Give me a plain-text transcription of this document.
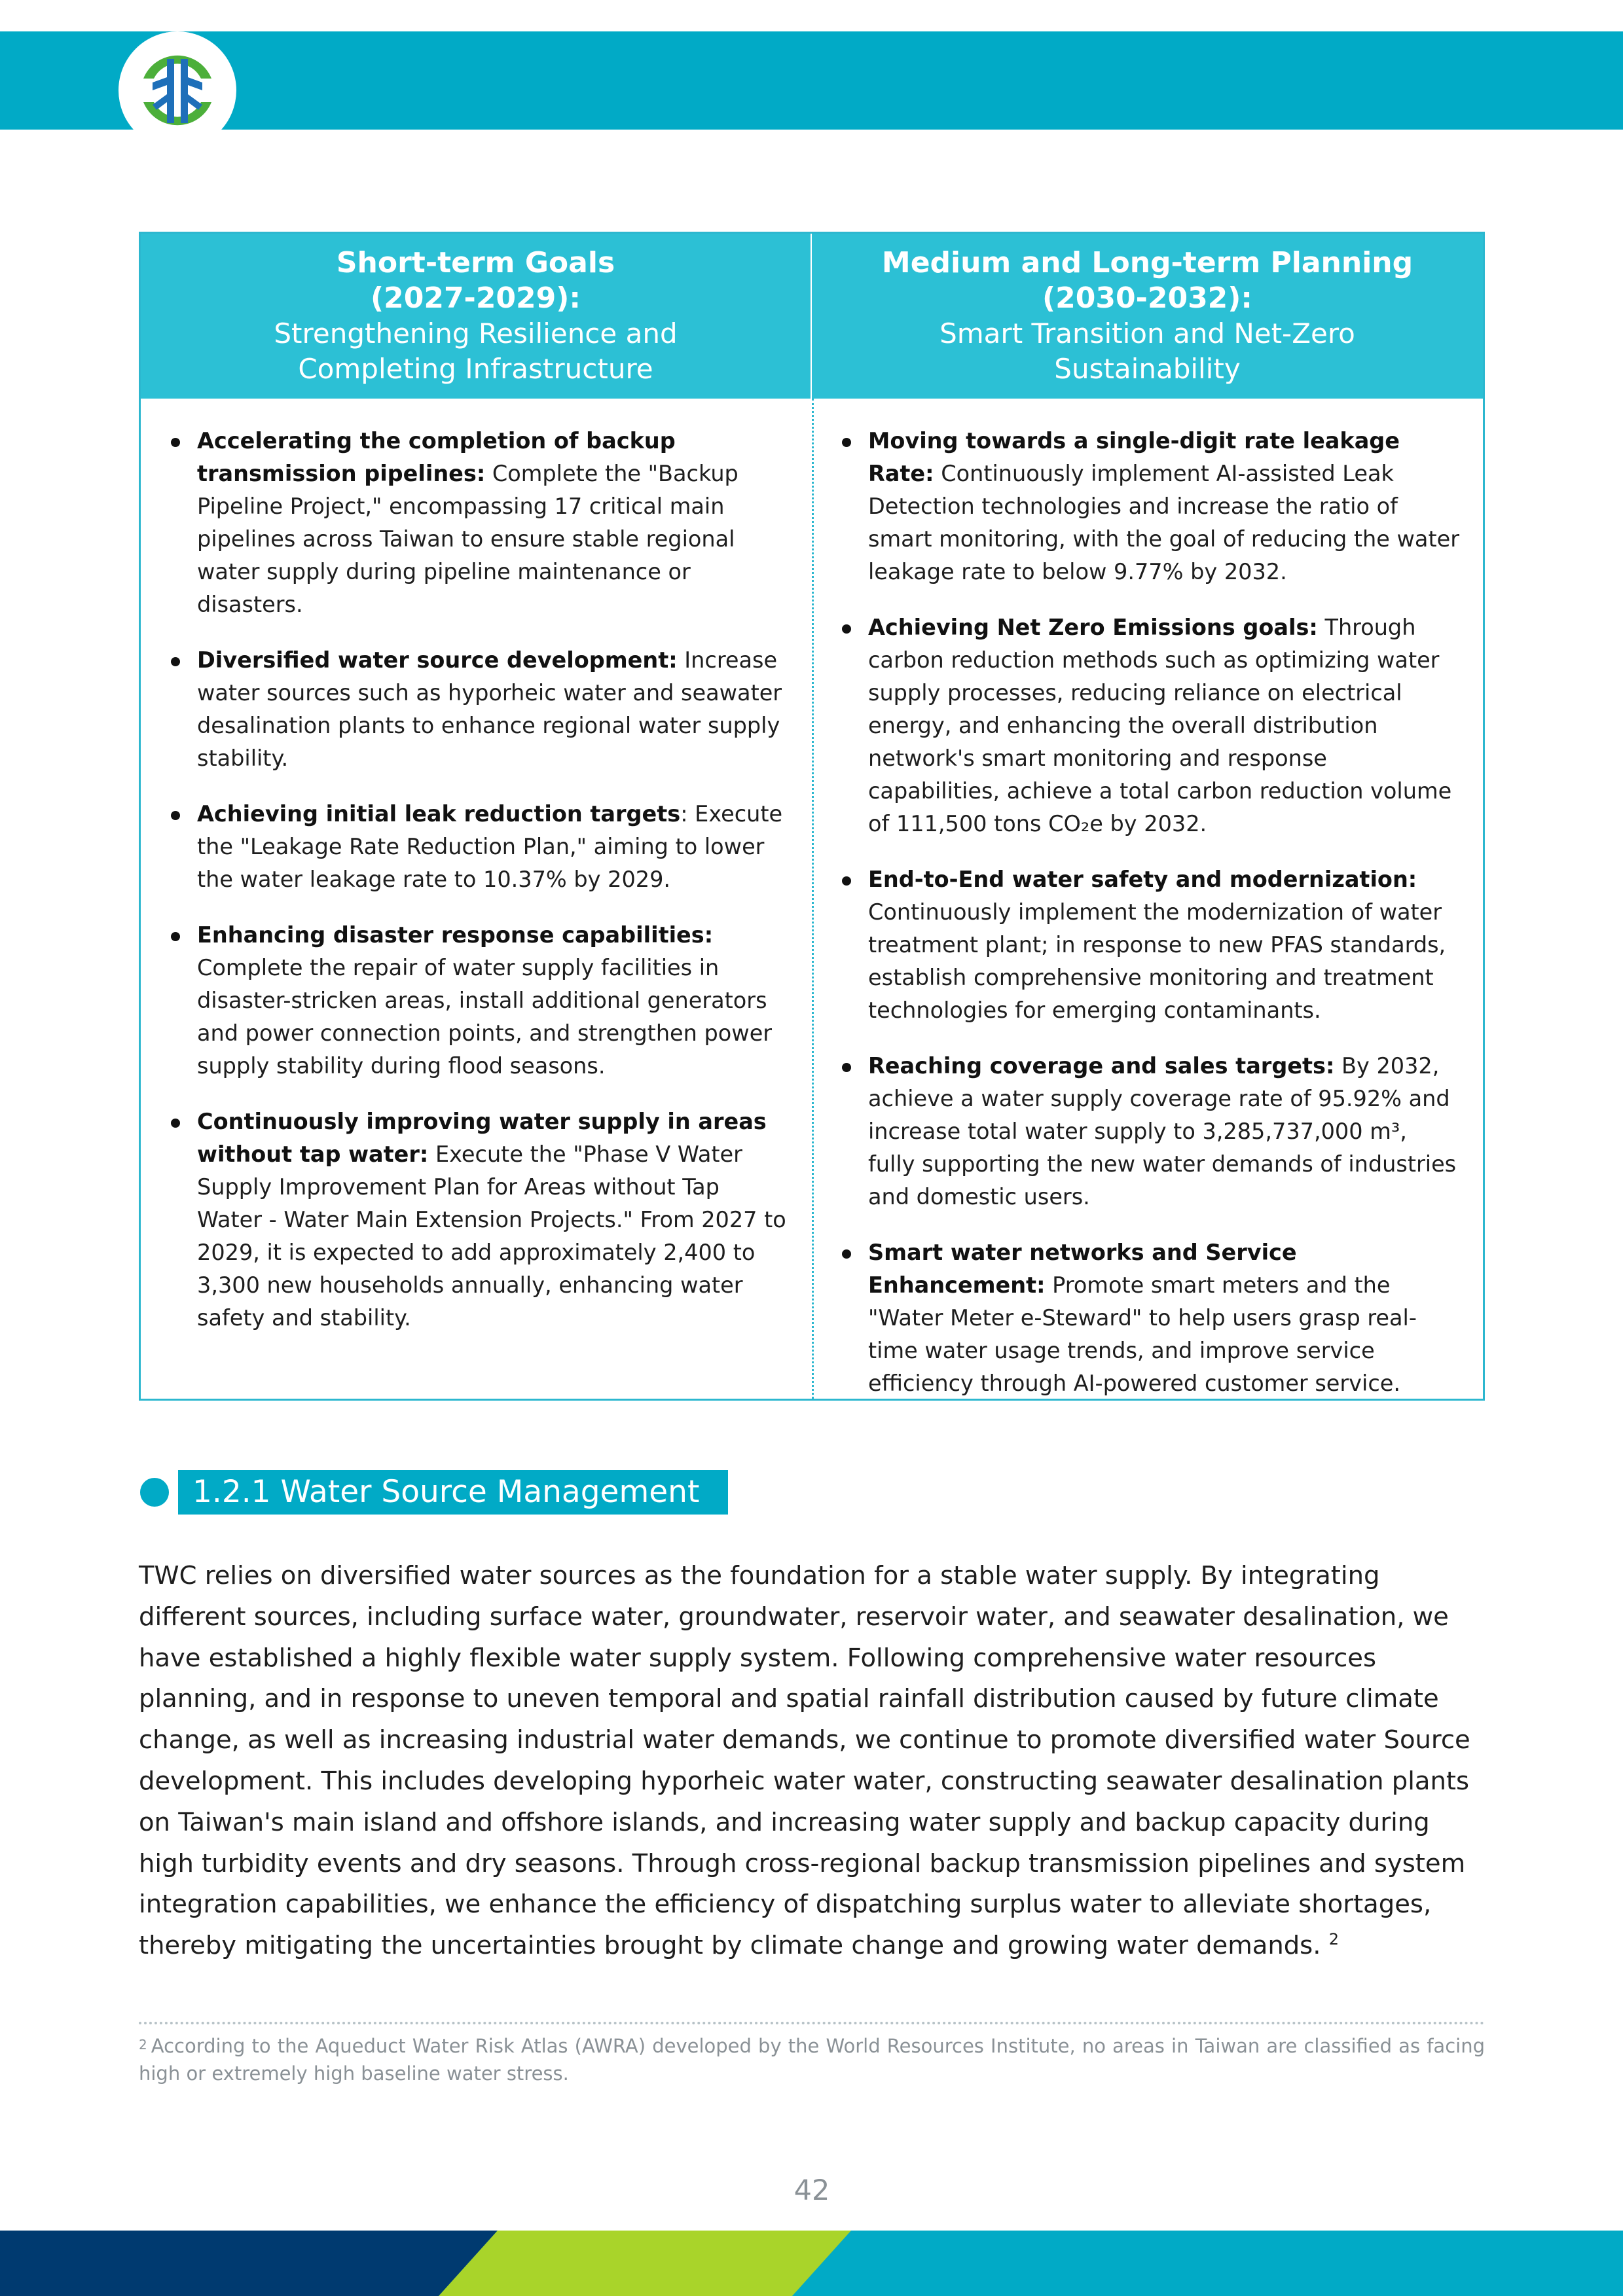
Short-term Goals
(2027-2029):
Strengthening Resilience and
Completing Infrastructure
Medium and Long-term Planning
(2030-2032):
Smart Transition and Net-Zero
Sustainability
Accelerating the completion of backup transmission pipelines: Complete the "Backup Pipeline Project," encompassing 17 critical main pipelines across Taiwan to ensure stable regional water supply during pipeline maintenance or disasters.
Diversified water source development: Increase water sources such as hyporheic water and seawater desalination plants to enhance regional water supply stability.
Achieving initial leak reduction targets: Execute the "Leakage Rate Reduction Plan," aiming to lower the water leakage rate to 10.37% by 2029.
Enhancing disaster response capabilities: Complete the repair of water supply facilities in disaster-stricken areas, install additional generators and power connection points, and strengthen power supply stability during flood seasons.
Continuously improving water supply in areas without tap water: Execute the "Phase V Water Supply Improvement Plan for Areas without Tap Water - Water Main Extension Projects." From 2027 to 2029, it is expected to add approximately 2,400 to 3,300 new households annually, enhancing water safety and stability.
Moving towards a single-digit rate leakage Rate: Continuously implement AI-assisted Leak Detection technologies and increase the ratio of smart monitoring, with the goal of reducing the water leakage rate to below 9.77% by 2032.
Achieving Net Zero Emissions goals: Through carbon reduction methods such as optimizing water supply processes, reducing reliance on electrical energy, and enhancing the overall distribution network's smart monitoring and response capabilities, achieve a total carbon reduction volume of 111,500 tons CO₂e by 2032.
End-to-End water safety and modernization: Continuously implement the modernization of water treatment plant; in response to new PFAS standards, establish comprehensive monitoring and treatment technologies for emerging contaminants.
Reaching coverage and sales targets: By 2032, achieve a water supply coverage rate of 95.92% and increase total water supply to 3,285,737,000 m³, fully supporting the new water demands of industries and domestic users.
Smart water networks and Service Enhancement: Promote smart meters and the "Water Meter e-Steward" to help users grasp real-time water usage trends, and improve service efficiency through AI-powered customer service.
1.2.1 Water Source Management
TWC relies on diversified water sources as the foundation for a stable water supply. By integrating different sources, including surface water, groundwater, reservoir water, and seawater desalination, we have established a highly flexible water supply system. Following comprehensive water resources planning, and in response to uneven temporal and spatial rainfall distribution caused by future climate change, as well as increasing industrial water demands, we continue to promote diversified water Source development. This includes developing hyporheic water water, constructing seawater desalination plants on Taiwan's main island and offshore islands, and increasing water supply and backup capacity during high turbidity events and dry seasons. Through cross-regional backup transmission pipelines and system integration capabilities, we enhance the efficiency of dispatching surplus water to alleviate shortages, thereby mitigating the uncertainties brought by climate change and growing water demands. $^2$
$^2$ According to the Aqueduct Water Risk Atlas (AWRA) developed by the World Resources Institute, no areas in Taiwan are classified as facing high or extremely high baseline water stress.
42
